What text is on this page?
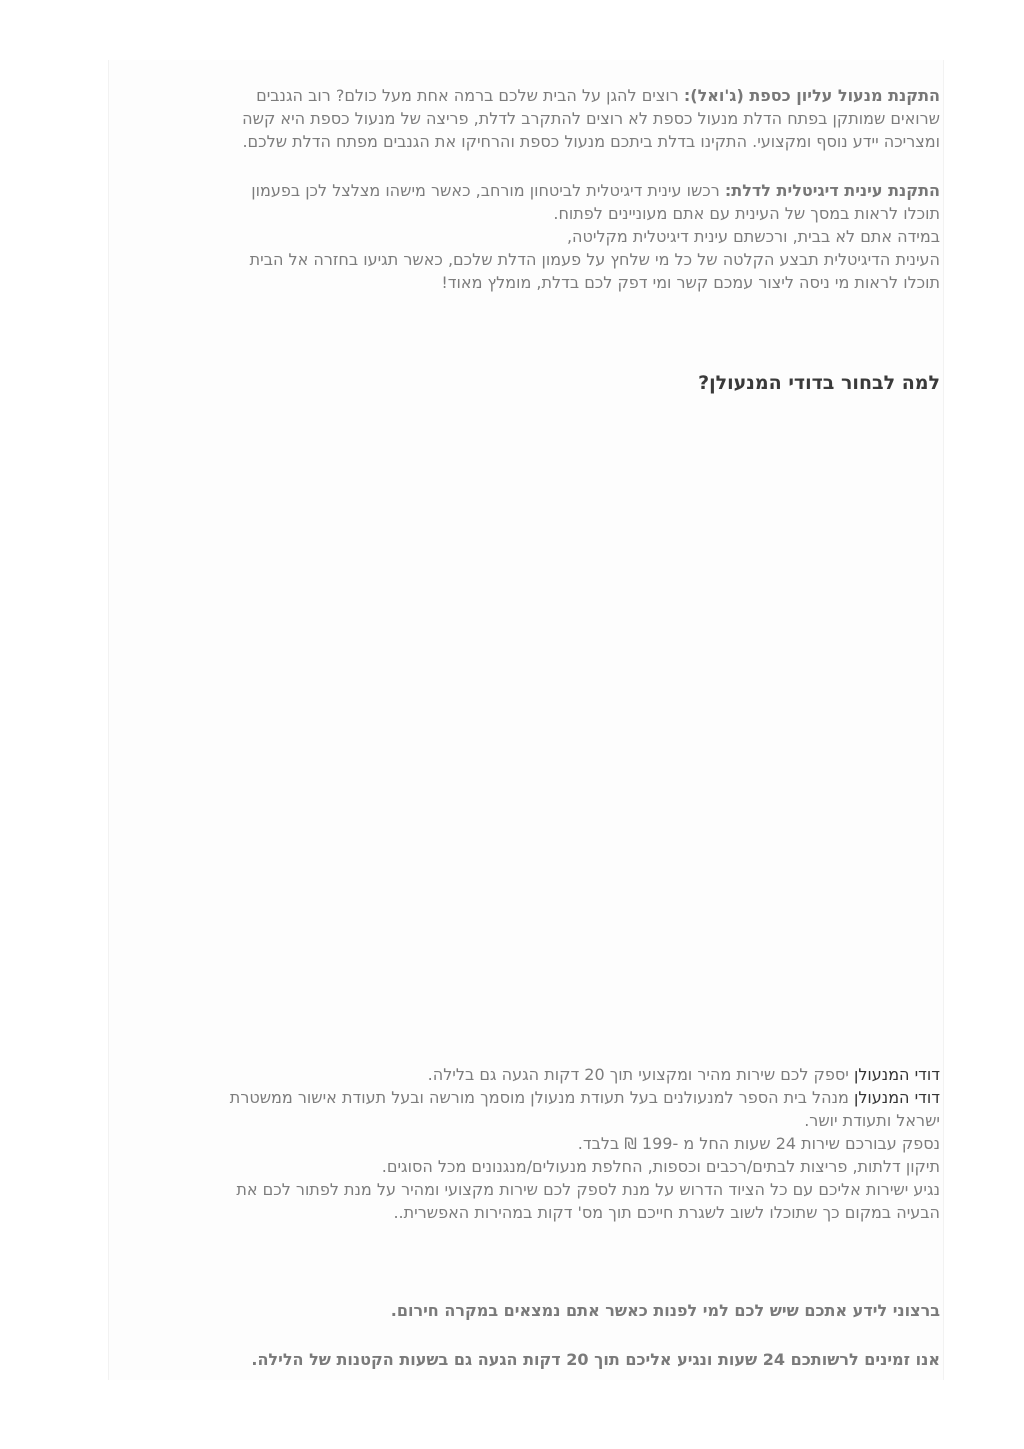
התקנת מנעול עליון כספת (ג'ואל): רוצים להגן על הבית שלכם ברמה אחת מעל כולם? רוב הגנבים
שרואים שמותקן בפתח הדלת מנעול כספת לא רוצים להתקרב לדלת, פריצה של מנעול כספת היא קשה
ומצריכה יידע נוסף ומקצועי. התקינו בדלת ביתכם מנעול כספת והרחיקו את הגנבים מפתח הדלת שלכם.

התקנת עינית דיגיטלית לדלת: רכשו עינית דיגיטלית לביטחון מורחב, כאשר מישהו מצלצל לכן בפעמון
תוכלו לראות במסך של העינית עם אתם מעוניינים לפתוח.
במידה אתם לא בבית, ורכשתם עינית דיגיטלית מקליטה,
העינית הדיגיטלית תבצע הקלטה של כל מי שלחץ על פעמון הדלת שלכם, כאשר תגיעו בחזרה אל הבית
תוכלו לראות מי ניסה ליצור עמכם קשר ומי דפק לכם בדלת, מומלץ מאוד!

למה לבחור בדודי המנעולן?

דודי המנעולן יספק לכם שירות מהיר ומקצועי תוך 20 דקות הגעה גם בלילה.
דודי המנעולן מנהל בית הספר למנעולנים בעל תעודת מנעולן מוסמך מורשה ובעל תעודת אישור ממשטרת
ישראל ותעודת יושר.
נספק עבורכם שירות 24 שעות החל מ -199 ₪ בלבד.
תיקון דלתות, פריצות לבתים/רכבים וכספות, החלפת מנעולים/מנגנונים מכל הסוגים.
נגיע ישירות אליכם עם כל הציוד הדרוש על מנת לספק לכם שירות מקצועי ומהיר על מנת לפתור לכם את
הבעיה במקום כך שתוכלו לשוב לשגרת חייכם תוך מס' דקות במהירות האפשרית..

ברצוני לידע אתכם שיש לכם למי לפנות כאשר אתם נמצאים במקרה חירום.

אנו זמינים לרשותכם 24 שעות ונגיע אליכם תוך 20 דקות הגעה גם בשעות הקטנות של הלילה.
